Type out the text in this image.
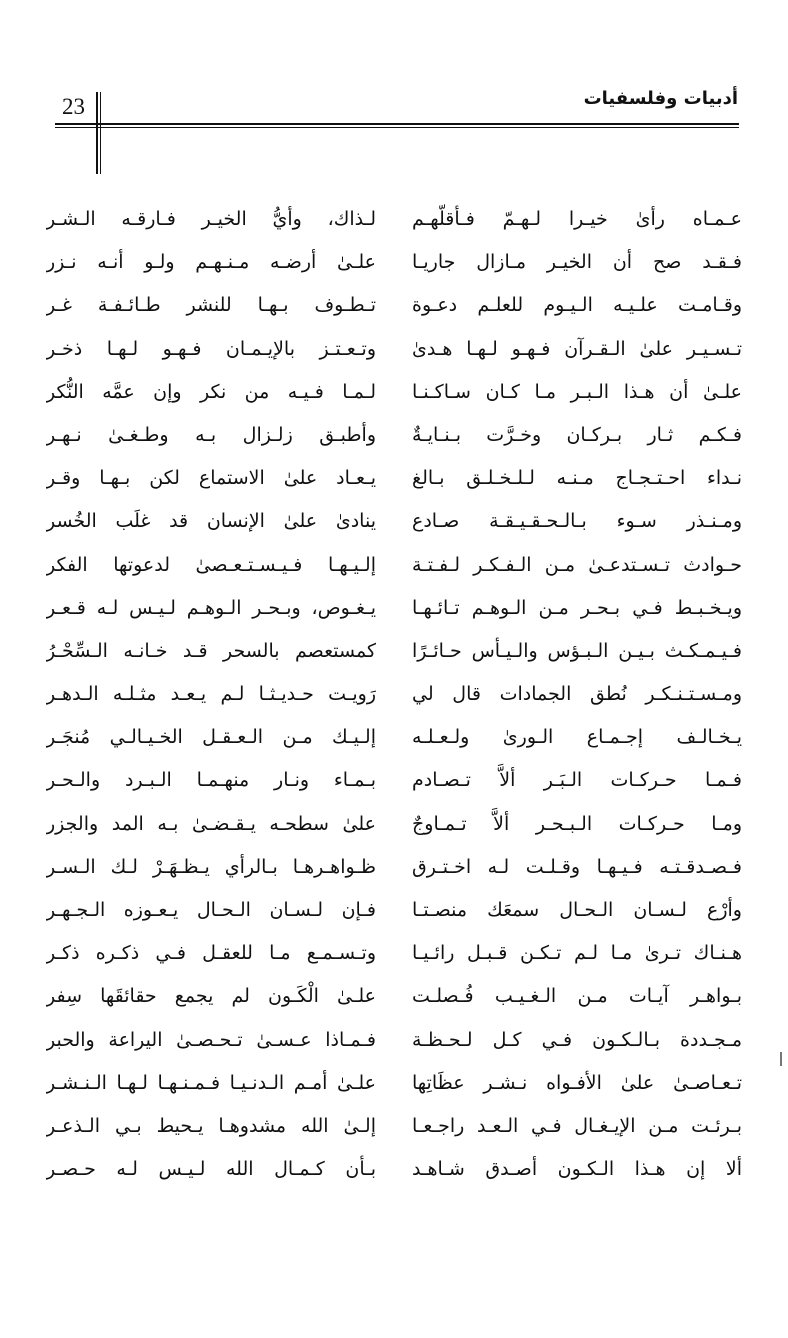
23	أدبيات وفلسفيات
عـمـاه رأىٰ خيـرا لـهـمّ فـأقلّهـم
فـقـد صح أن الخيـر مـازال جاريـا
وقـامـت علـيـه الـيـوم للعلـم دعـوة
تـسـيـر علىٰ الـقـرآن فـهـو لـهـا هـدىٰ
علـىٰ أن هـذا الـبـر مـا كـان سـاكـنـا
فـكـم ثـار بـركـان وخـرَّت بـنـايـةٌ
نـداء احـتـجـاج مـنـه لـلـخـلـق بـالغ
ومـنـذر سـوء بـالـحـقـيـقـة صـادع
حـوادث تـسـتدعـىٰ مـن الـفـكـر لـفـتـة
ويـخـبـط فـي بـحـر مـن الـوهـم تـائـهـا
فـيـمـكـث بـيـن الـبـؤس والـيـأس حـائـرًا
ومـسـتـنـكـر نُطق الجمادات قال لي
يـخـالـف إجـمـاع الـورىٰ ولـعـلـه
فـمـا حـركـات الـبَـر ألاَّ تـصـادم
ومـا حـركـات الـبـحـر ألاَّ تـمـاوجٌ
فـصـدقـتـه فـيـهـا وقـلـت لـه اخـتـرق
وأرْع لـسـان الـحـال سمعَك منصـتـا
هـنـاك تـرىٰ مـا لـم تـكـن قـبـل رائـيـا
بـواهـر آيـات مـن الـغـيـب فُـصلـت
مـجـددة بـالـكـون فـي كـل لـحـظـة
تـعـاصـىٰ علىٰ الأفـواه نـشـر عظَاتِها
بـرئـت مـن الإيـغـال فـي الـعـد راجـعـا
ألا إن هـذا الـكـون أصـدق شـاهـد
لـذاك، وأيُّ الخيـر فـارقـه الـشـر
علـىٰ أرضـه مـنـهـم ولـو أنـه نـزر
تـطـوف بـهـا للنشر طـائـفـة غـر
وتـعـتـز بالإيـمـان فـهـو لـهـا ذخـر
لـمـا فـيـه من نكر وإن عمَّه النُّكر
وأطبـق زلـزال بـه وطـغـىٰ نـهـر
يـعـاد علىٰ الاستماع لكن بـهـا وقـر
ينادىٰ علىٰ الإنسان قد غلَب الخُسر
إلـيـهـا فـيـسـتـعـصىٰ لدعوتها الفكر
يـغـوص، وبـحـر الـوهـم لـيـس لـه قـعـر
كمستعصم بالسحر قـد خـانـه الـسِّحْـرُ
رَويـت حـديـثـا لـم يـعـد مثـلـه الـدهـر
إلـيـك مـن الـعـقـل الخـيـالـي مُنجَـر
بـمـاء ونـار منهـمـا الـبـرد والـحـر
علىٰ سطحـه يـقـضـىٰ بـه المد والجزر
ظـواهـرهـا بـالرأي يـظـهَـرْ لـك الـسـر
فـإن لـسـان الـحـال يـعـوزه الـجـهـر
وتـسـمـع مـا للعقـل فـي ذكـره ذكـر
علـىٰ الْكَـون لم يجمع حقائقَها سِفر
فـمـاذا عـسـىٰ تـحـصـىٰ اليراعة والحبر
علـىٰ أمـم الـدنـيـا فـمـنـهـا لـهـا الـنـشـر
إلـىٰ الله مشدوهـا يـحيط بـي الـذعـر
بـأن كـمـال الله لـيـس لـه حـصـر
